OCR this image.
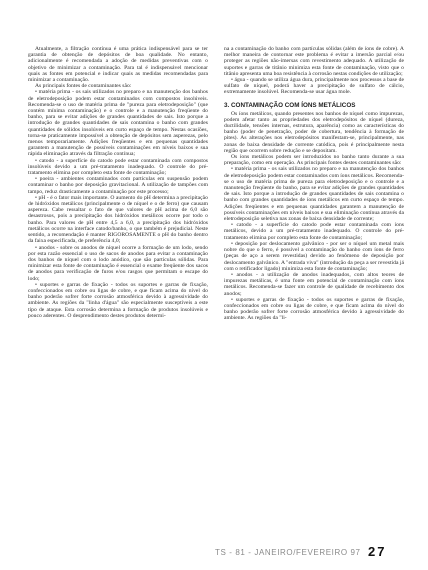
Atualmente, a filtração contínua é uma prática indispensável para se ter garantia de obtenção de depósitos de boa qualidade. No entanto, adicionalmente é recomendada a adoção de medidas preventivas com o objetivo de minimizar a contaminação. Para tal é indispensável mencionar quais as fontes em potencial e indicar quais as medidas recomendadas para minimizar a contaminação.

As principais fontes de contaminantes são:

• matéria prima - os sais utilizados no preparo e na manutenção dos banhos de eletrodeposição podem estar contaminados com compostos insolúveis. Recomenda-se o uso de matéria prima de "pureza para eletrodeposição" (que contém mínima contaminação) e o controle e a manutenção freqüente do banho, para se evitar adições de grandes quantidades de sais. Isto porque a introdução de grandes quantidades de sais contamina o banho com grandes quantidades de sólidos insolúveis em curto espaço de tempo. Nestas ocasiões, torna-se praticamente impossível a obtenção de depósitos sem asperezas, pelo menos temporariamente. Adições freqüentes e em pequenas quantidades garantem a manutenção de possíveis contaminações em níveis baixos e sua rápida eliminação através da filtração contínua;

• catodo - a superfície do catodo pode estar contaminada com compostos insolúveis devido a um pré-tratamento inadequado. O controle do pré-tratamento elimina por completo esta fonte de contaminação;

• poeira - ambientes contaminados com partículas em suspensão podem contaminar o banho por deposição gravitacional. A utilização de tampões com tampo, reduz drasticamente a contaminação por este processo;

• pH - é o fator mais importante. O aumento do pH determina a precipitação de hidróxidos metálicos (principalmente o de níquel e o de ferro) que causam aspereza. Cabe ressaltar o fato de que valores de pH acima de 6,0 são desastrosos, pois a precipitação dos hidróxidos metálicos ocorre por todo o banho. Para valores de pH entre 4,5 a 6,0, a precipitação dos hidróxidos metálicos ocorre na interface catodo/banho, o que também é prejudicial. Neste sentido, a recomendação é manter RIGOROSAMENTE o pH do banho dentro da faixa especificada, de preferência 4,0;

• anodos - sobre os anodos de níquel ocorre a formação de um lodo, sendo por esta razão essencial o uso de sacos de anodos para evitar a contaminação dos banhos de níquel com o lodo anódico, que são partículas sólidas. Para minimizar esta fonte de contaminação é essencial o exame freqüente dos sacos de anodos para verificação de furos e/ou rasgos que permitam o escape do lodo;

• suportes e garras de fixação - todos os suportes e garras de fixação, confeccionados em cobre ou ligas de cobre, e que ficam acima do nível do banho poderão sofrer forte corrosão atmosférica devido à agressividade do ambiente. As regiões da "linha d'água" são especialmente susceptíveis a este tipo de ataque. Esta corrosão determina a formação de produtos insolúveis e pouco aderentes. O desprendimento destes produtos determi-

na a contaminação do banho com partículas sólidas (além de íons de cobre). A melhor maneira de contornar este problema é evitar a imersão parcial e/ou proteger as regiões não-imersas com revestimento adequado. A utilização de suportes e garras de titânio minimiza esta fonte de contaminação, visto que o titânio apresenta uma boa resistência à corrosão nestas condições de utilização;

• água - quando se utiliza água dura, principalmente nos processos a base de sulfato de níquel, poderá haver a precipitação de sulfato de cálcio, extremamente insolúvel. Recomenda-se usar água mole.

3. CONTAMINAÇÃO COM ÍONS METÁLICOS

Os íons metálicos, quando presentes nos banhos de níquel como impurezas, podem afetar tanto as propriedades dos eletrodepósitos de níquel (dureza, ductilidade, tensões internas, estrutura, aparência) como as características do banho (poder de penetração, poder de cobertura, tendência à formação de pites). As alterações nos eletrodepósitos manifestam-se, principalmente, nas zonas de baixa densidade de corrente catódica, pois é principalmente nesta região que ocorrem sobre redução e se depositam.

Os íons metálicos podem ser introduzidos no banho tanto durante a sua preparação, como em operação. As principais fontes destes contaminantes são:

• matéria prima - os sais utilizados no preparo e na manutenção dos banhos de eletrodeposição podem estar contaminados com íons metálicos. Recomenda-se o uso de matéria prima de pureza para eletrodeposição e o controle e a manutenção freqüente do banho, para se evitar adições de grandes quantidades de sais. Isto porque a introdução de grandes quantidades de sais contamina o banho com grandes quantidades de íons metálicos em curto espaço de tempo. Adições freqüentes e em pequenas quantidades garantem a manutenção de possíveis contaminações em níveis baixos e sua eliminação contínua através da eletrodeposição seletiva nas zonas de baixa densidade de corrente;

• catodo - a superfície do catodo pode estar contaminada com íons metálicos, devido a um pré-tratamento inadequado. O controle do pré-tratamento elimina por completo esta fonte de contaminação;

• deposição por deslocamento galvânico - por ser o níquel um metal mais nobre do que o ferro, é possível a contaminação do banho com íons de ferro (peças de aço a serem revestidas) devido ao fenômeno de deposição por deslocamento galvânico. A "entrada viva" (introdução da peça a ser revestida já com o retificador ligado) minimiza esta fonte de contaminação;

• anodos - a utilização de anodos inadequados, com altos teores de impurezas metálicas, é uma fonte em potencial de contaminação com íons metálicos. Recomenda-se fazer um controle de qualidade de recebimento dos anodos;

• suportes e garras de fixação - todos os suportes e garras de fixação, confeccionados em cobre ou ligas de cobre, e que ficam acima do nível do banho poderão sofrer forte corrosão atmosférica devido à agressividade do ambiente. As regiões da "li-

TS - 81 - JANEIRO/FEVEREIRO 97 27
